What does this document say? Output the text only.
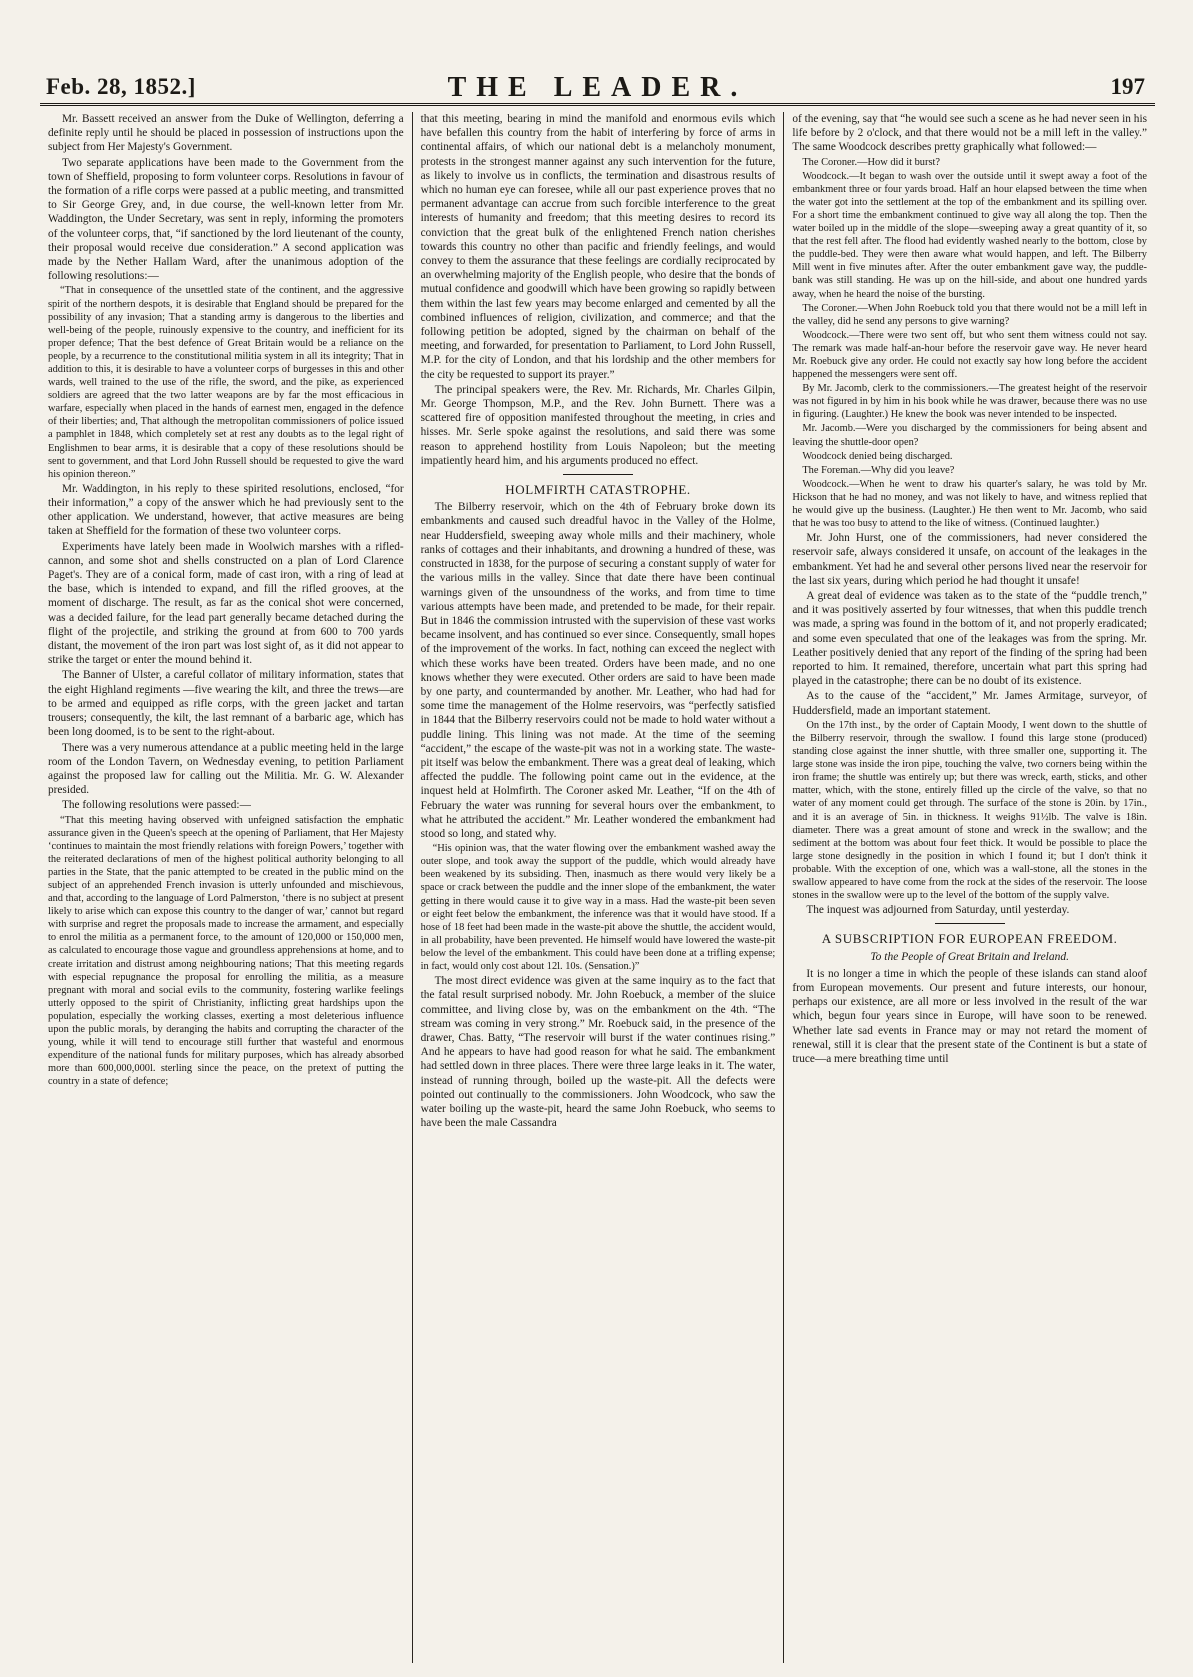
Feb. 28, 1852.]	THE LEADER.	197

Mr. Bassett received an answer from the Duke of Wellington, deferring a definite reply until he should be placed in possession of instructions upon the subject from Her Majesty's Government.

Two separate applications have been made to the Government from the town of Sheffield, proposing to form volunteer corps. Resolutions in favour of the formation of a rifle corps were passed at a public meeting, and transmitted to Sir George Grey, and, in due course, the well-known letter from Mr. Waddington, the Under Secretary, was sent in reply, informing the promoters of the volunteer corps, that, “if sanctioned by the lord lieutenant of the county, their proposal would receive due consideration.” A second application was made by the Nether Hallam Ward, after the unanimous adoption of the following resolutions:—

“That in consequence of the unsettled state of the continent, and the aggressive spirit of the northern despots, it is desirable that England should be prepared for the possibility of any invasion; That a standing army is dangerous to the liberties and well-being of the people, ruinously expensive to the country, and inefficient for its proper defence; That the best defence of Great Britain would be a reliance on the people, by a recurrence to the constitutional militia system in all its integrity; That in addition to this, it is desirable to have a volunteer corps of burgesses in this and other wards, well trained to the use of the rifle, the sword, and the pike, as experienced soldiers are agreed that the two latter weapons are by far the most efficacious in warfare, especially when placed in the hands of earnest men, engaged in the defence of their liberties; and, That although the metropolitan commissioners of police issued a pamphlet in 1848, which completely set at rest any doubts as to the legal right of Englishmen to bear arms, it is desirable that a copy of these resolutions should be sent to government, and that Lord John Russell should be requested to give the ward his opinion thereon.”

Mr. Waddington, in his reply to these spirited resolutions, enclosed, “for their information,” a copy of the answer which he had previously sent to the other application. We understand, however, that active measures are being taken at Sheffield for the formation of these two volunteer corps.

Experiments have lately been made in Woolwich marshes with a rifled-cannon, and some shot and shells constructed on a plan of Lord Clarence Paget's. They are of a conical form, made of cast iron, with a ring of lead at the base, which is intended to expand, and fill the rifled grooves, at the moment of discharge. The result, as far as the conical shot were concerned, was a decided failure, for the lead part generally became detached during the flight of the projectile, and striking the ground at from 600 to 700 yards distant, the movement of the iron part was lost sight of, as it did not appear to strike the target or enter the mound behind it.

The Banner of Ulster, a careful collator of military information, states that the eight Highland regiments —five wearing the kilt, and three the trews—are to be armed and equipped as rifle corps, with the green jacket and tartan trousers; consequently, the kilt, the last remnant of a barbaric age, which has been long doomed, is to be sent to the right-about.

There was a very numerous attendance at a public meeting held in the large room of the London Tavern, on Wednesday evening, to petition Parliament against the proposed law for calling out the Militia. Mr. G. W. Alexander presided.

The following resolutions were passed:—

“That this meeting having observed with unfeigned satisfaction the emphatic assurance given in the Queen's speech at the opening of Parliament, that Her Majesty ‘continues to maintain the most friendly relations with foreign Powers,’ together with the reiterated declarations of men of the highest political authority belonging to all parties in the State, that the panic attempted to be created in the public mind on the subject of an apprehended French invasion is utterly unfounded and mischievous, and that, according to the language of Lord Palmerston, ‘there is no subject at present likely to arise which can expose this country to the danger of war,’ cannot but regard with surprise and regret the proposals made to increase the armament, and especially to enrol the militia as a permanent force, to the amount of 120,000 or 150,000 men, as calculated to encourage those vague and groundless apprehensions at home, and to create irritation and distrust among neighbouring nations; That this meeting regards with especial repugnance the proposal for enrolling the militia, as a measure pregnant with moral and social evils to the community, fostering warlike feelings utterly opposed to the spirit of Christianity, inflicting great hardships upon the population, especially the working classes, exerting a most deleterious influence upon the public morals, by deranging the habits and corrupting the character of the young, while it will tend to encourage still further that wasteful and enormous expenditure of the national funds for military purposes, which has already absorbed more than 600,000,000l. sterling since the peace, on the pretext of putting the country in a state of defence;

that this meeting, bearing in mind the manifold and enormous evils which have befallen this country from the habit of interfering by force of arms in continental affairs, of which our national debt is a melancholy monument, protests in the strongest manner against any such intervention for the future, as likely to involve us in conflicts, the termination and disastrous results of which no human eye can foresee, while all our past experience proves that no permanent advantage can accrue from such forcible interference to the great interests of humanity and freedom; that this meeting desires to record its conviction that the great bulk of the enlightened French nation cherishes towards this country no other than pacific and friendly feelings, and would convey to them the assurance that these feelings are cordially reciprocated by an overwhelming majority of the English people, who desire that the bonds of mutual confidence and goodwill which have been growing so rapidly between them within the last few years may become enlarged and cemented by all the combined influences of religion, civilization, and commerce; and that the following petition be adopted, signed by the chairman on behalf of the meeting, and forwarded, for presentation to Parliament, to Lord John Russell, M.P. for the city of London, and that his lordship and the other members for the city be requested to support its prayer.”

The principal speakers were, the Rev. Mr. Richards, Mr. Charles Gilpin, Mr. George Thompson, M.P., and the Rev. John Burnett. There was a scattered fire of opposition manifested throughout the meeting, in cries and hisses. Mr. Serle spoke against the resolutions, and said there was some reason to apprehend hostility from Louis Napoleon; but the meeting impatiently heard him, and his arguments produced no effect.

HOLMFIRTH CATASTROPHE.

The Bilberry reservoir, which on the 4th of February broke down its embankments and caused such dreadful havoc in the Valley of the Holme, near Huddersfield, sweeping away whole mills and their machinery, whole ranks of cottages and their inhabitants, and drowning a hundred of these, was constructed in 1838, for the purpose of securing a constant supply of water for the various mills in the valley. Since that date there have been continual warnings given of the unsoundness of the works, and from time to time various attempts have been made, and pretended to be made, for their repair. But in 1846 the commission intrusted with the supervision of these vast works became insolvent, and has continued so ever since. Consequently, small hopes of the improvement of the works. In fact, nothing can exceed the neglect with which these works have been treated. Orders have been made, and no one knows whether they were executed. Other orders are said to have been made by one party, and countermanded by another. Mr. Leather, who had had for some time the management of the Holme reservoirs, was “perfectly satisfied in 1844 that the Bilberry reservoirs could not be made to hold water without a puddle lining. This lining was not made. At the time of the seeming “accident,” the escape of the waste-pit was not in a working state. The waste-pit itself was below the embankment. There was a great deal of leaking, which affected the puddle. The following point came out in the evidence, at the inquest held at Holmfirth. The Coroner asked Mr. Leather, “If on the 4th of February the water was running for several hours over the embankment, to what he attributed the accident.” Mr. Leather wondered the embankment had stood so long, and stated why.

“His opinion was, that the water flowing over the embankment washed away the outer slope, and took away the support of the puddle, which would already have been weakened by its subsiding. Then, inasmuch as there would very likely be a space or crack between the puddle and the inner slope of the embankment, the water getting in there would cause it to give way in a mass. Had the waste-pit been seven or eight feet below the embankment, the inference was that it would have stood. If a hose of 18 feet had been made in the waste-pit above the shuttle, the accident would, in all probability, have been prevented. He himself would have lowered the waste-pit below the level of the embankment. This could have been done at a trifling expense; in fact, would only cost about 12l. 10s. (Sensation.)”

The most direct evidence was given at the same inquiry as to the fact that the fatal result surprised nobody. Mr. John Roebuck, a member of the sluice committee, and living close by, was on the embankment on the 4th. “The stream was coming in very strong.” Mr. Roebuck said, in the presence of the drawer, Chas. Batty, “The reservoir will burst if the water continues rising.” And he appears to have had good reason for what he said. The embankment had settled down in three places. There were three large leaks in it. The water, instead of running through, boiled up the waste-pit. All the defects were pointed out continually to the commissioners. John Woodcock, who saw the water boiling up the waste-pit, heard the same John Roebuck, who seems to have been the male Cassandra

of the evening, say that “he would see such a scene as he had never seen in his life before by 2 o'clock, and that there would not be a mill left in the valley.” The same Woodcock describes pretty graphically what followed:—

The Coroner.—How did it burst?

Woodcock.—It began to wash over the outside until it swept away a foot of the embankment three or four yards broad. Half an hour elapsed between the time when the water got into the settlement at the top of the embankment and its spilling over. For a short time the embankment continued to give way all along the top. Then the water boiled up in the middle of the slope—sweeping away a great quantity of it, so that the rest fell after. The flood had evidently washed nearly to the bottom, close by the puddle-bed. They were then aware what would happen, and left. The Bilberry Mill went in five minutes after. After the outer embankment gave way, the puddle-bank was still standing. He was up on the hill-side, and about one hundred yards away, when he heard the noise of the bursting.

The Coroner.—When John Roebuck told you that there would not be a mill left in the valley, did he send any persons to give warning?

Woodcock.—There were two sent off, but who sent them witness could not say. The remark was made half-an-hour before the reservoir gave way. He never heard Mr. Roebuck give any order. He could not exactly say how long before the accident happened the messengers were sent off.

By Mr. Jacomb, clerk to the commissioners.—The greatest height of the reservoir was not figured in by him in his book while he was drawer, because there was no use in figuring. (Laughter.) He knew the book was never intended to be inspected.

Mr. Jacomb.—Were you discharged by the commissioners for being absent and leaving the shuttle-door open?

Woodcock denied being discharged.

The Foreman.—Why did you leave?

Woodcock.—When he went to draw his quarter's salary, he was told by Mr. Hickson that he had no money, and was not likely to have, and witness replied that he would give up the business. (Laughter.) He then went to Mr. Jacomb, who said that he was too busy to attend to the like of witness. (Continued laughter.)

Mr. John Hurst, one of the commissioners, had never considered the reservoir safe, always considered it unsafe, on account of the leakages in the embankment. Yet had he and several other persons lived near the reservoir for the last six years, during which period he had thought it unsafe!

A great deal of evidence was taken as to the state of the “puddle trench,” and it was positively asserted by four witnesses, that when this puddle trench was made, a spring was found in the bottom of it, and not properly eradicated; and some even speculated that one of the leakages was from the spring. Mr. Leather positively denied that any report of the finding of the spring had been reported to him. It remained, therefore, uncertain what part this spring had played in the catastrophe; there can be no doubt of its existence.

As to the cause of the “accident,” Mr. James Armitage, surveyor, of Huddersfield, made an important statement.

On the 17th inst., by the order of Captain Moody, I went down to the shuttle of the Bilberry reservoir, through the swallow. I found this large stone (produced) standing close against the inner shuttle, with three smaller one, supporting it. The large stone was inside the iron pipe, touching the valve, two corners being within the iron frame; the shuttle was entirely up; but there was wreck, earth, sticks, and other matter, which, with the stone, entirely filled up the circle of the valve, so that no water of any moment could get through. The surface of the stone is 20in. by 17in., and it is an average of 5in. in thickness. It weighs 91½lb. The valve is 18in. diameter. There was a great amount of stone and wreck in the swallow; and the sediment at the bottom was about four feet thick. It would be possible to place the large stone designedly in the position in which I found it; but I don't think it probable. With the exception of one, which was a wall-stone, all the stones in the swallow appeared to have come from the rock at the sides of the reservoir. The loose stones in the swallow were up to the level of the bottom of the supply valve.

The inquest was adjourned from Saturday, until yesterday.

A SUBSCRIPTION FOR EUROPEAN FREEDOM.
To the People of Great Britain and Ireland.

It is no longer a time in which the people of these islands can stand aloof from European movements. Our present and future interests, our honour, perhaps our existence, are all more or less involved in the result of the war which, begun four years since in Europe, will have soon to be renewed. Whether late sad events in France may or may not retard the moment of renewal, still it is clear that the present state of the Continent is but a state of truce—a mere breathing time until
